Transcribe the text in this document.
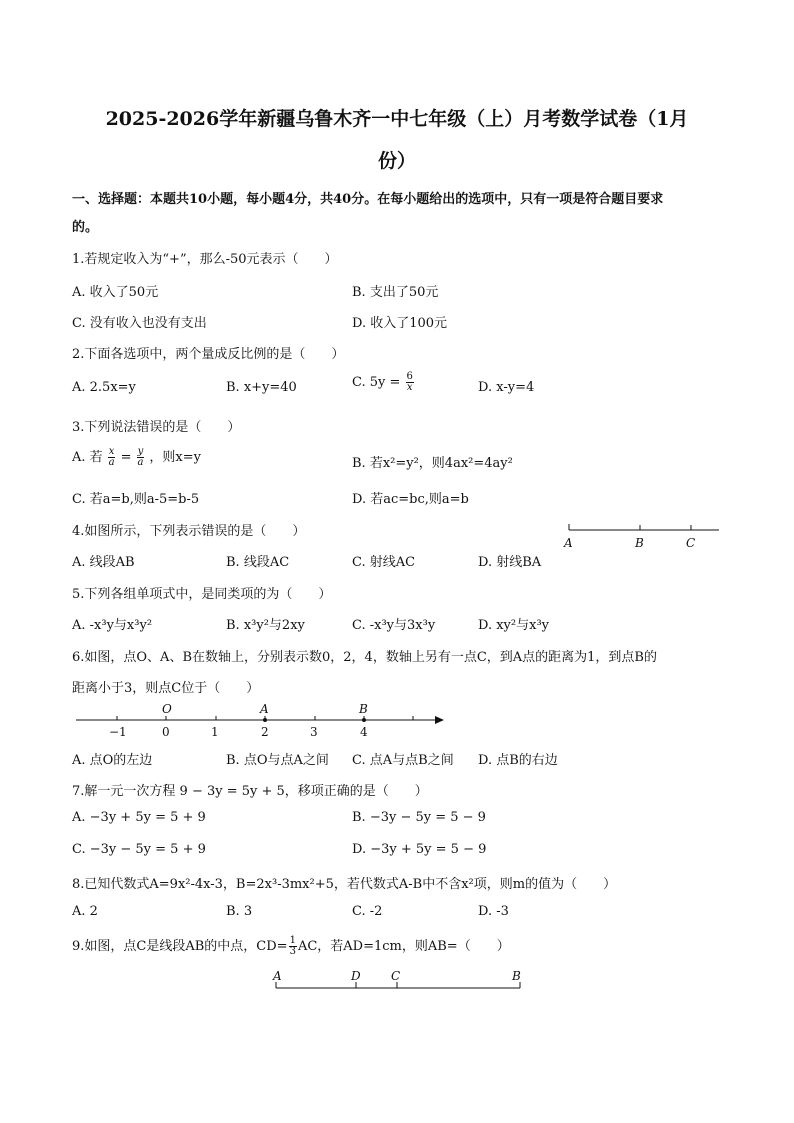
2025-2026学年新疆乌鲁木齐一中七年级（上）月考数学试卷（1月
份）
一、选择题：本题共10小题，每小题4分，共40分。在每小题给出的选项中，只有一项是符合题目要求
的。
1.若规定收入为“+”，那么-50元表示（　　）
A. 收入了50元	B. 支出了50元
C. 没有收入也没有支出	D. 收入了100元
2.下面各选项中，两个量成反比例的是（　　）
A. 2.5x=y	B. x+y=40	C. $5y = \frac{6}{x}$	D. x-y=4
3.下列说法错误的是（　　）
A. 若 $\frac{x}{a} = \frac{y}{a}$ ，则x=y	B. 若x²=y²，则4ax²=4ay²
C. 若a=b,则a-5=b-5	D. 若ac=bc,则a=b
4.如图所示，下列表示错误的是（　　）
A	B	C
A. 线段AB	B. 线段AC	C. 射线AC	D. 射线BA
5.下列各组单项式中，是同类项的为（　　）
A. -x³y与x³y²	B. x³y²与2xy	C. -x³y与3x³y	D. xy²与x³y
6.如图，点O、A、B在数轴上，分别表示数0，2，4，数轴上另有一点C，到A点的距离为1，到点B的
距离小于3，则点C位于（　　）
O	A	B
−1	0	1	2	3	4
A. 点O的左边	B. 点O与点A之间 C. 点A与点B之间 D. 点B的右边
7.解一元一次方程 9 − 3y = 5y + 5，移项正确的是（　　）
A. −3y + 5y = 5 + 9	B. −3y − 5y = 5 − 9
C. −3y − 5y = 5 + 9	D. −3y + 5y = 5 − 9
8.已知代数式A=9x²-4x-3，B=2x³-3mx²+5，若代数式A-B中不含x²项，则m的值为（　　）
A. 2	B. 3	C. -2	D. -3
9.如图，点C是线段AB的中点，$CD= \frac{1}{3}$ AC，若AD=1cm，则AB=（　　）
A	D	C	B
